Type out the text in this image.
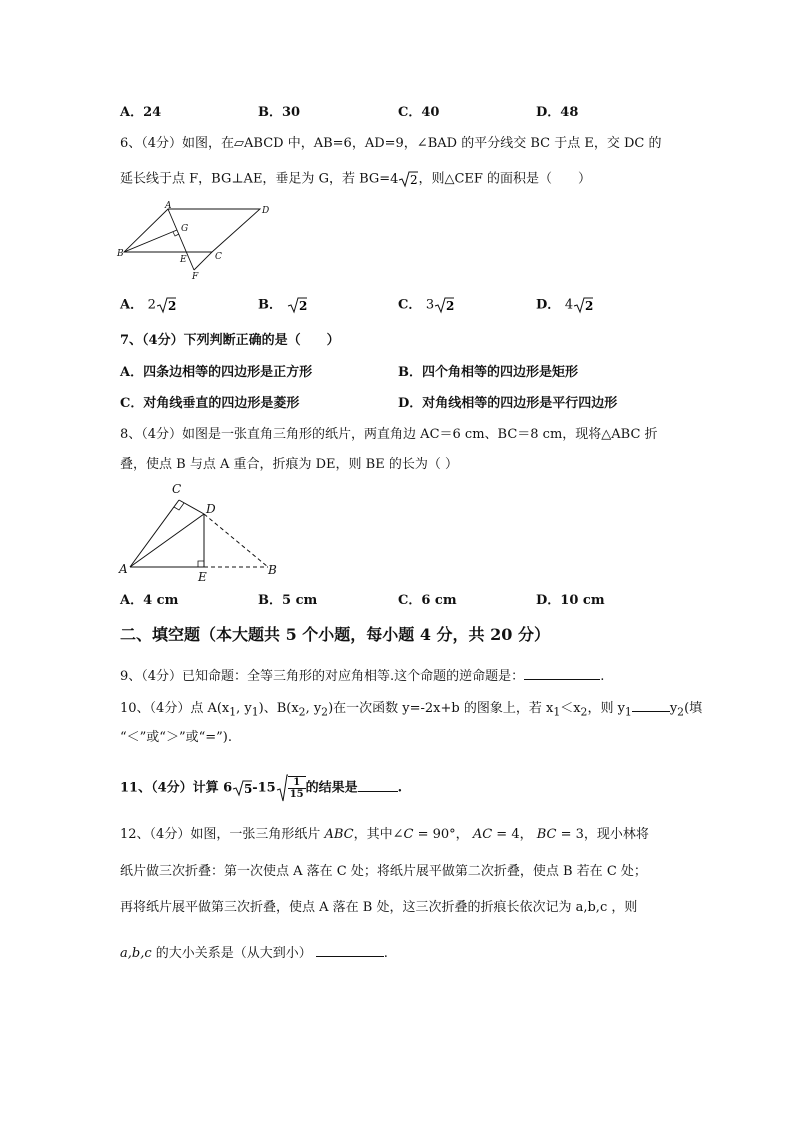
A．24	B．30	C．40	D．48
6、（4分）如图，在▱ABCD 中，AB=6，AD=9，∠BAD 的平分线交 BC 于点 E，交 DC 的
延长线于点 F，BG⊥AE，垂足为 G，若 BG=4 2 ，则△CEF 的面积是（　　）
A	D
B	C
E
F
G
A． 2 2	B． 2	C． 3 2	D． 4 2
7、（4分）下列判断正确的是（　　）
A．四条边相等的四边形是正方形	B．四个角相等的四边形是矩形
C．对角线垂直的四边形是菱形	D．对角线相等的四边形是平行四边形
8、（4分）如图是一张直角三角形的纸片，两直角边 AC＝6 cm、BC＝8 cm，现将△ABC 折
叠，使点 B 与点 A 重合，折痕为 DE，则 BE 的长为（ ）
C
D
A
E	B
A．4 cm	B．5 cm	C．6 cm	D．10 cm
二、填空题（本大题共 5 个小题，每小题 4 分，共 20 分）
9、（4分）已知命题：全等三角形的对应角相等.这个命题的逆命题是：	.
10、（4分）点 $A(x_1$, $y_1$)、$B(x_2$, $y_2$)在一次函数 y=-2x+b 的图象上，若 $x_1<x_2$，则 $y_1$	$y_2$(填
“＜”或“＞”或“=”).
11、（4分）计算 6 5 $-15 \frac{1}{15}$ 的结果是	.
12、（4分）如图，一张三角形纸片 ABC，其中∠C = 90°， AC = 4， BC = 3，现小林将
纸片做三次折叠：第一次使点 A 落在 C 处；将纸片展平做第二次折叠，使点 B 若在 C 处；
再将纸片展平做第三次折叠，使点 A 落在 B 处，这三次折叠的折痕长依次记为 a,b,c ，则
a,b,c 的大小关系是（从大到小）	.
